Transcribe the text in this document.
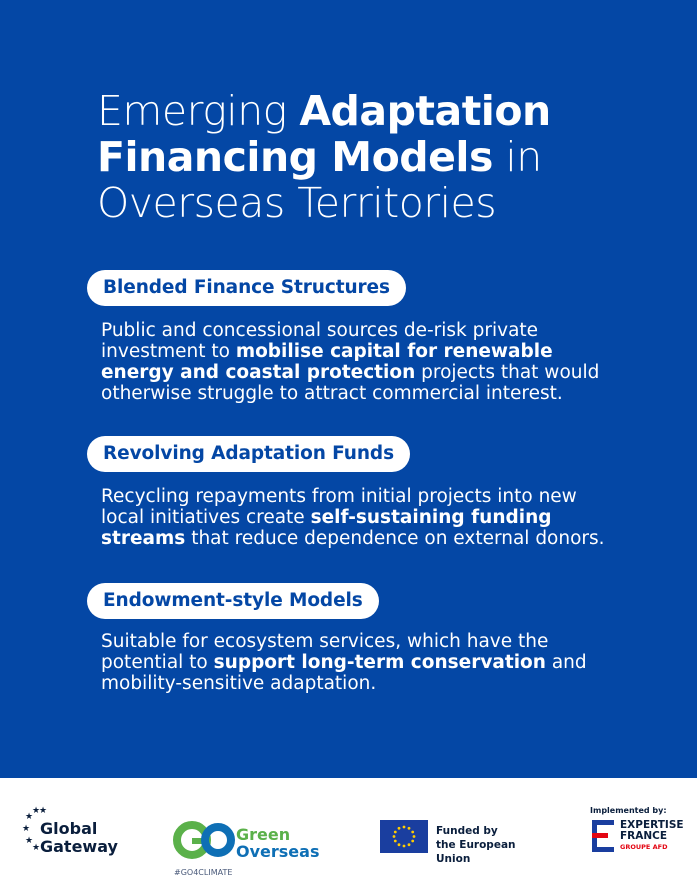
Emerging Adaptation Financing Models in Overseas Territories
Blended Finance Structures

Public and concessional sources de-risk private investment to mobilise capital for renewable energy and coastal protection projects that would otherwise struggle to attract commercial interest.

Revolving Adaptation Funds

Recycling repayments from initial projects into new local initiatives create self-sustaining funding streams that reduce dependence on external donors.

Endowment-style Models

Suitable for ecosystem services, which have the potential to support long-term conservation and mobility-sensitive adaptation.

★
★
★
★
★
★
Global
Gateway
Green
Overseas
#GO4CLIMATE
Funded by
the European Union
Implemented by:
EXPERTISE
FRANCE
GROUPE AFD
